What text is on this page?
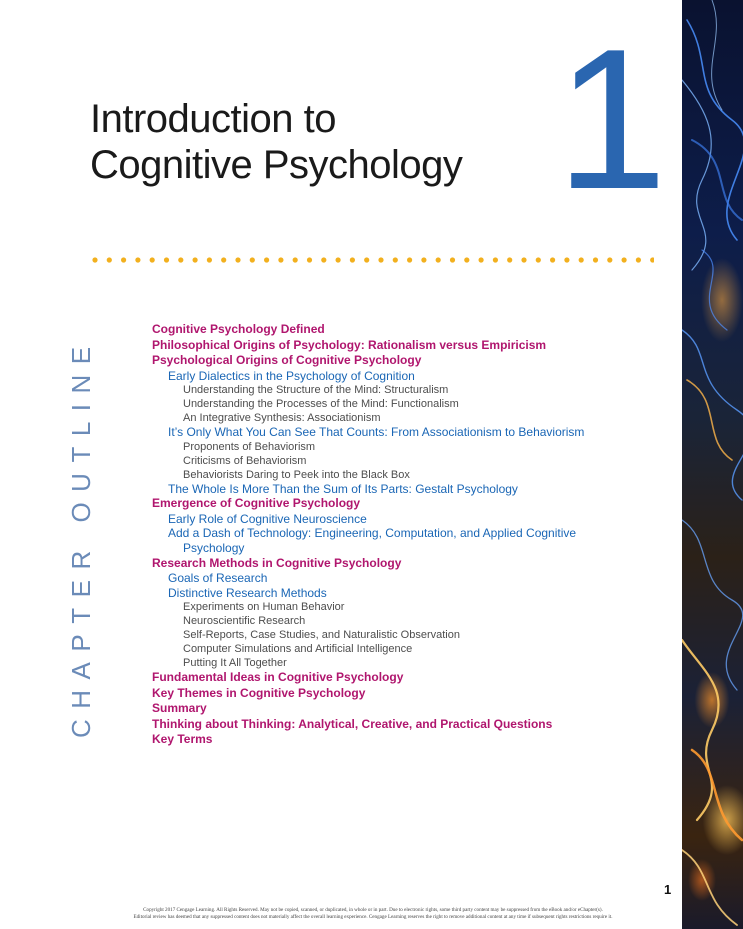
Introduction to
Cognitive Psychology 1
CHAPTER OUTLINE
Cognitive Psychology Defined
Philosophical Origins of Psychology: Rationalism versus Empiricism
Psychological Origins of Cognitive Psychology
Early Dialectics in the Psychology of Cognition
Understanding the Structure of the Mind: Structuralism
Understanding the Processes of the Mind: Functionalism
An Integrative Synthesis: Associationism
It’s Only What You Can See That Counts: From Associationism to Behaviorism
Proponents of Behaviorism
Criticisms of Behaviorism
Behaviorists Daring to Peek into the Black Box
The Whole Is More Than the Sum of Its Parts: Gestalt Psychology
Emergence of Cognitive Psychology
Early Role of Cognitive Neuroscience
Add a Dash of Technology: Engineering, Computation, and Applied Cognitive
Psychology
Research Methods in Cognitive Psychology
Goals of Research
Distinctive Research Methods
Experiments on Human Behavior
Neuroscientific Research
Self-Reports, Case Studies, and Naturalistic Observation
Computer Simulations and Artificial Intelligence
Putting It All Together
Fundamental Ideas in Cognitive Psychology
Key Themes in Cognitive Psychology
Summary
Thinking about Thinking: Analytical, Creative, and Practical Questions
Key Terms
1

Copyright 2017 Cengage Learning. All Rights Reserved. May not be copied, scanned, or duplicated, in whole or in part. Due to electronic rights, some third party content may be suppressed from the eBook and/or eChapter(s).
Editorial review has deemed that any suppressed content does not materially affect the overall learning experience. Cengage Learning reserves the right to remove additional content at any time if subsequent rights restrictions require it.
